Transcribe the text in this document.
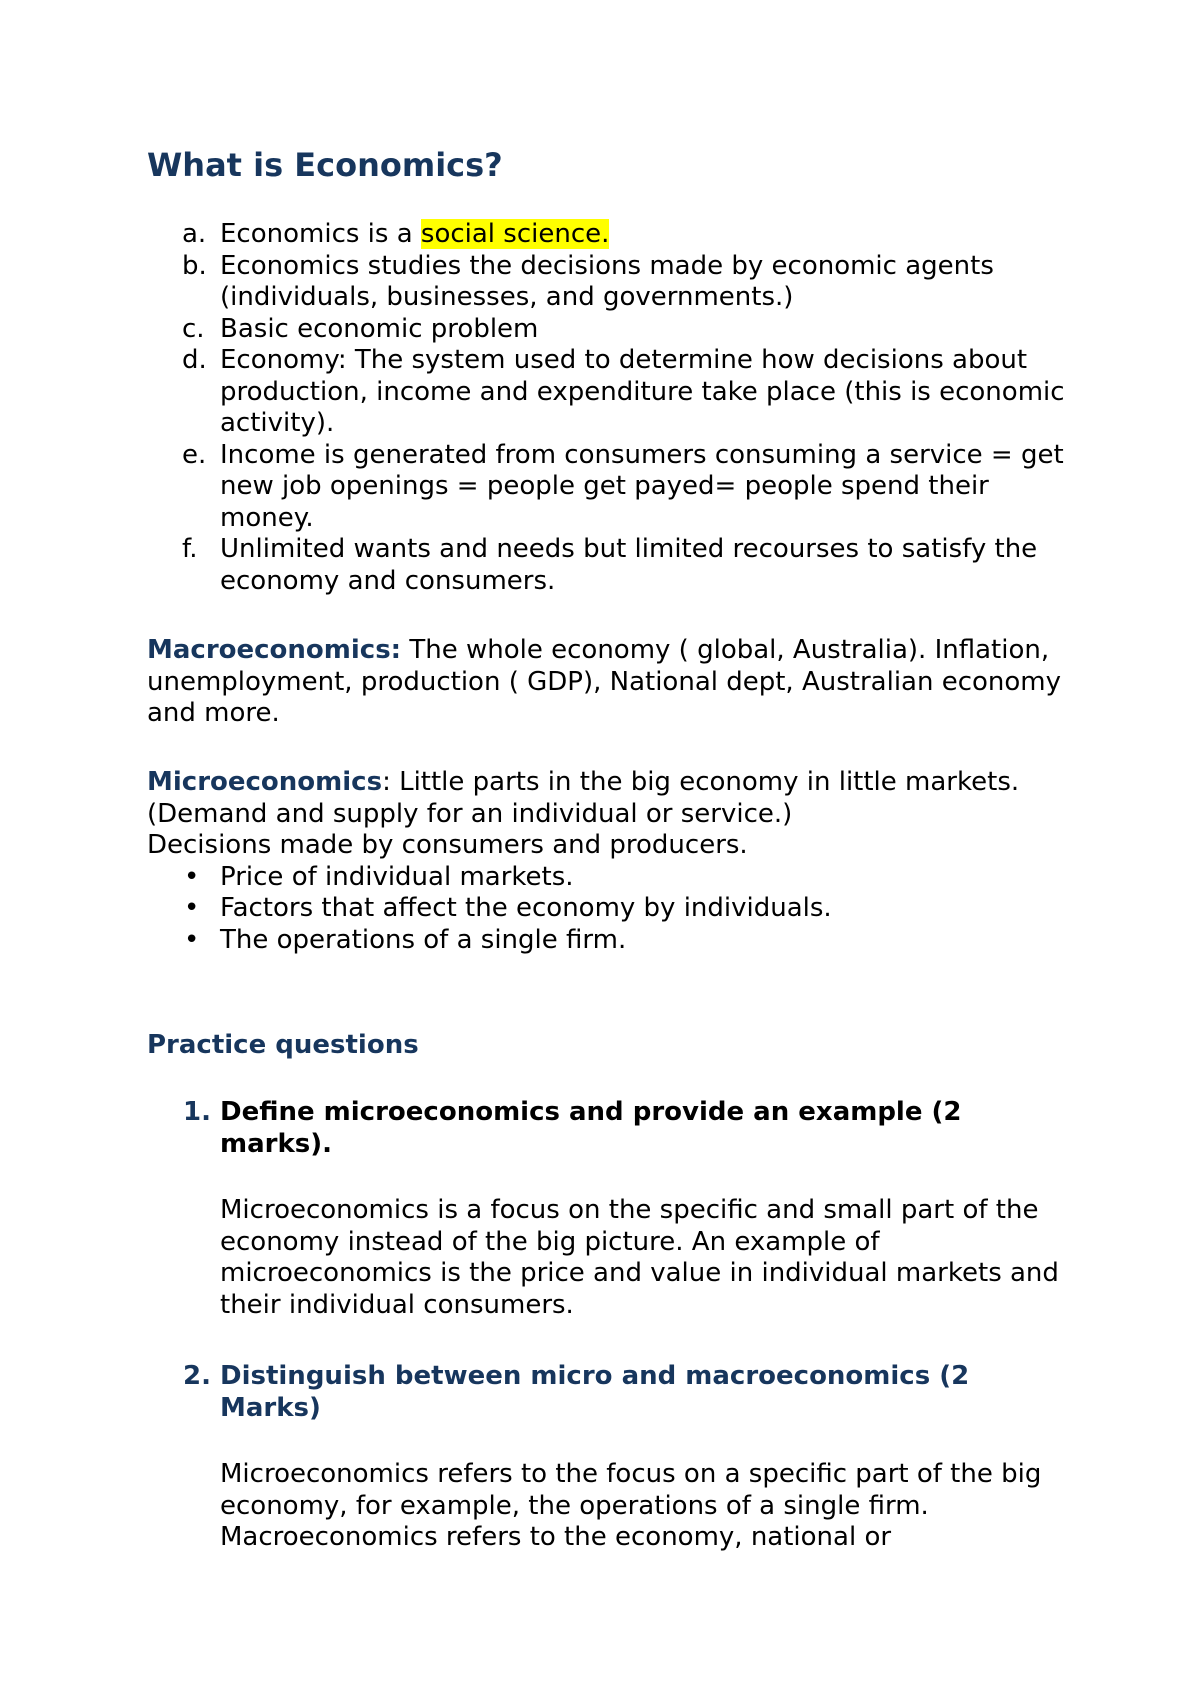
What is Economics?
a. Economics is a social science.
b. Economics studies the decisions made by economic agents (individuals, businesses, and governments.)
c. Basic economic problem
d. Economy: The system used to determine how decisions about production, income and expenditure take place (this is economic activity).
e. Income is generated from consumers consuming a service = get new job openings = people get payed= people spend their money.
f. Unlimited wants and needs but limited recourses to satisfy the economy and consumers.

Macroeconomics: The whole economy ( global, Australia). Inflation, unemployment, production ( GDP), National dept, Australian economy and more.

Microeconomics: Little parts in the big economy in little markets.
(Demand and supply for an individual or service.)
Decisions made by consumers and producers.
• Price of individual markets.
• Factors that affect the economy by individuals.
• The operations of a single firm.
Practice questions
1. Define microeconomics and provide an example (2 marks).
Microeconomics is a focus on the specific and small part of the economy instead of the big picture. An example of microeconomics is the price and value in individual markets and their individual consumers.
2. Distinguish between micro and macroeconomics (2 Marks)
Microeconomics refers to the focus on a specific part of the big economy, for example, the operations of a single firm. Macroeconomics refers to the economy, national or
